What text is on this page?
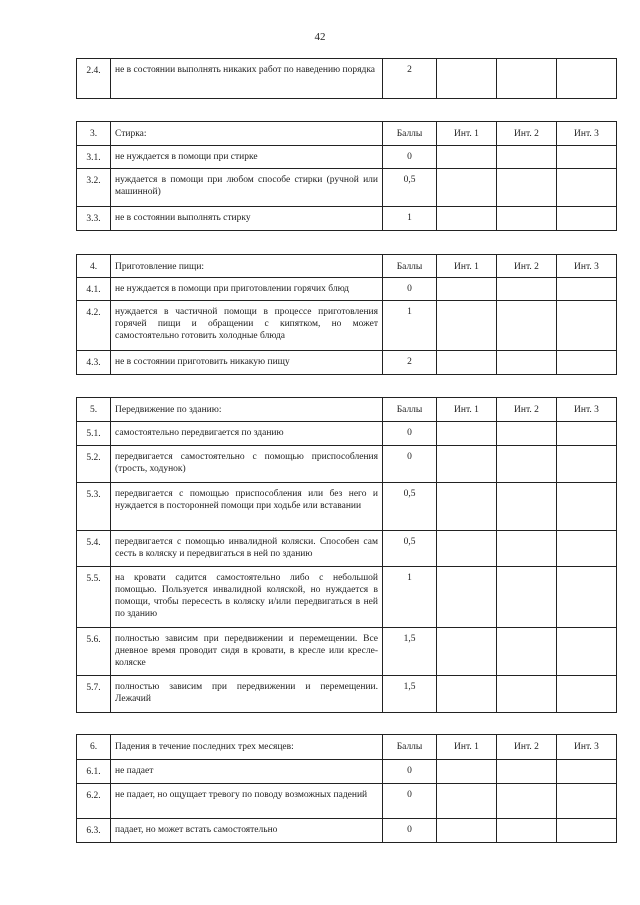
42
2.4.	не в состоянии выполнять никаких работ по наведению порядка	2			
3.	Стирка:	Баллы	Инт. 1	Инт. 2	Инт. 3
3.1.	не нуждается в помощи при стирке	0			
3.2.	нуждается в помощи при любом способе стирки (ручной или машинной)	0,5			
3.3.	не в состоянии выполнять стирку	1			
4.	Приготовление пищи:	Баллы	Инт. 1	Инт. 2	Инт. 3
4.1.	не нуждается в помощи при приготовлении горячих блюд	0			
4.2.	нуждается в частичной помощи в процессе приготовления горячей пищи и обращении с кипятком, но может самостоятельно готовить холодные блюда	1			
4.3.	не в состоянии приготовить никакую пищу	2			
5.	Передвижение по зданию:	Баллы	Инт. 1	Инт. 2	Инт. 3
5.1.	самостоятельно передвигается по зданию	0			
5.2.	передвигается самостоятельно с помощью приспособления (трость, ходунок)	0			
5.3.	передвигается с помощью приспособления или без него и нуждается в посторонней помощи при ходьбе или вставании	0,5			
5.4.	передвигается с помощью инвалидной коляски. Способен сам сесть в коляску и передвигаться в ней по зданию	0,5			
5.5.	на кровати садится самостоятельно либо с небольшой помощью. Пользуется инвалидной коляской, но нуждается в помощи, чтобы пересесть в коляску и/или передвигаться в ней по зданию	1			
5.6.	полностью зависим при передвижении и перемещении. Все дневное время проводит сидя в кровати, в кресле или кресле-коляске	1,5			
5.7.	полностью зависим при передвижении и перемещении. Лежачий	1,5			
6.	Падения в течение последних трех месяцев:	Баллы	Инт. 1	Инт. 2	Инт. 3
6.1.	не падает	0			
6.2.	не падает, но ощущает тревогу по поводу возможных падений	0			
6.3.	падает, но может встать самостоятельно	0			
